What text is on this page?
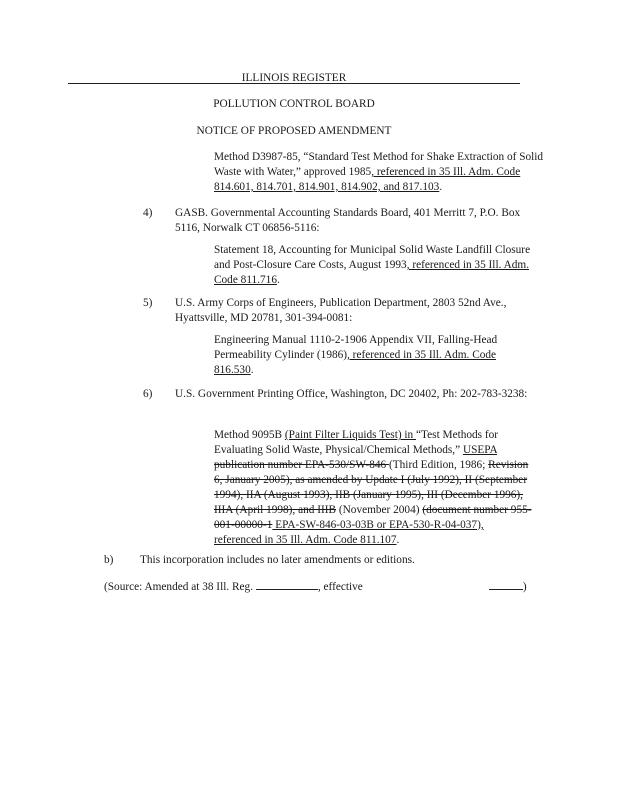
ILLINOIS REGISTER
POLLUTION CONTROL BOARD
NOTICE OF PROPOSED AMENDMENT
Method D3987-85, “Standard Test Method for Shake Extraction of Solid Waste with Water,” approved 1985, referenced in 35 Ill. Adm. Code 814.601, 814.701, 814.901, 814.902, and 817.103.
4) GASB. Governmental Accounting Standards Board, 401 Merritt 7, P.O. Box 5116, Norwalk CT 06856-5116:
Statement 18, Accounting for Municipal Solid Waste Landfill Closure and Post-Closure Care Costs, August 1993, referenced in 35 Ill. Adm. Code 811.716.
5) U.S. Army Corps of Engineers, Publication Department, 2803 52nd Ave., Hyattsville, MD 20781, 301-394-0081:
Engineering Manual 1110-2-1906 Appendix VII, Falling-Head Permeability Cylinder (1986), referenced in 35 Ill. Adm. Code 816.530.
6) U.S. Government Printing Office, Washington, DC 20402, Ph: 202-783-3238:
Method 9095B (Paint Filter Liquids Test) in “Test Methods for Evaluating Solid Waste, Physical/Chemical Methods,” USEPA publication number EPA-530/SW-846 (Third Edition, 1986; Revision 6, January 2005), as amended by Update I (July 1992), II (September 1994), IIA (August 1993), IIB (January 1995), III (December 1996), IIIA (April 1998), and IIIB (November 2004) (document number 955-001-00000-1 EPA-SW-846-03-03B or EPA-530-R-04-037), referenced in 35 Ill. Adm. Code 811.107.
b) This incorporation includes no later amendments or editions.
(Source: Amended at 38 Ill. Reg.	, effective	)
